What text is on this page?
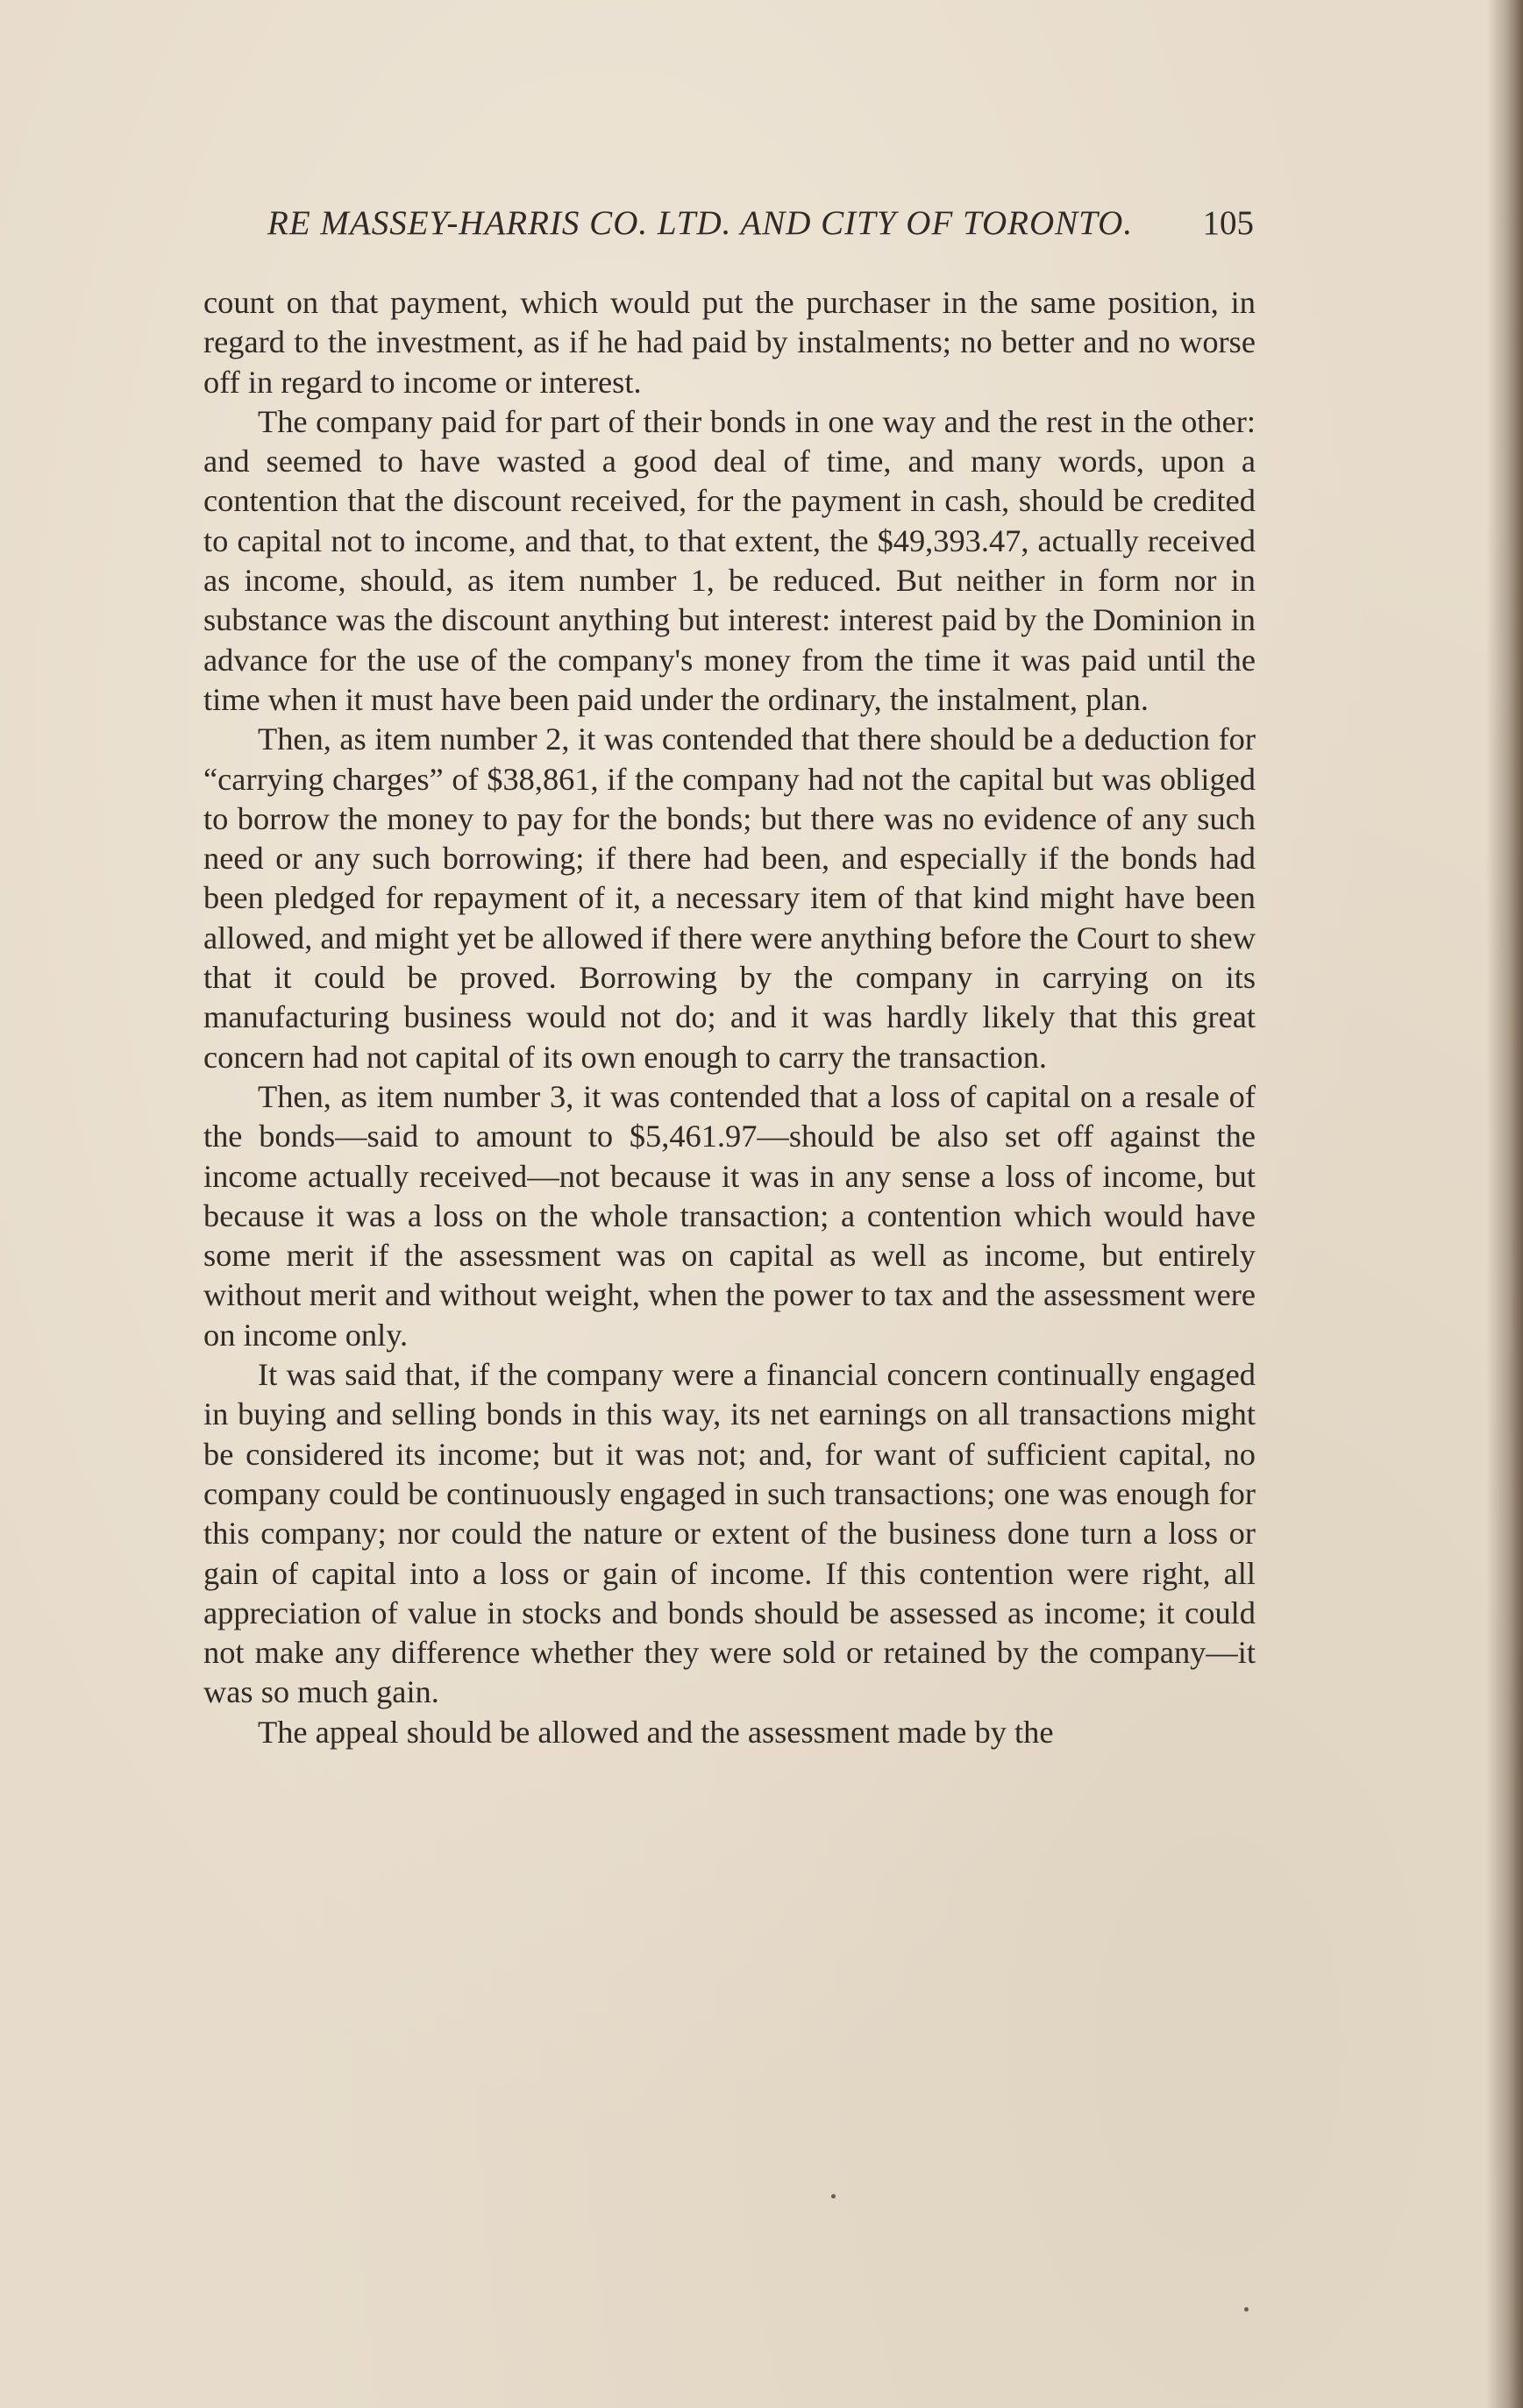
RE MASSEY-HARRIS CO. LTD. AND CITY OF TORONTO. 105

count on that payment, which would put the purchaser in the same position, in regard to the investment, as if he had paid by instalments; no better and no worse off in regard to income or interest.

The company paid for part of their bonds in one way and the rest in the other: and seemed to have wasted a good deal of time, and many words, upon a contention that the discount received, for the payment in cash, should be credited to capital not to income, and that, to that extent, the $49,393.47, actually received as income, should, as item number 1, be reduced. But neither in form nor in substance was the discount anything but interest: interest paid by the Dominion in advance for the use of the company's money from the time it was paid until the time when it must have been paid under the ordinary, the instalment, plan.

Then, as item number 2, it was contended that there should be a deduction for “carrying charges” of $38,861, if the company had not the capital but was obliged to borrow the money to pay for the bonds; but there was no evidence of any such need or any such borrowing; if there had been, and especially if the bonds had been pledged for repayment of it, a necessary item of that kind might have been allowed, and might yet be allowed if there were anything before the Court to shew that it could be proved. Borrowing by the company in carrying on its manufacturing business would not do; and it was hardly likely that this great concern had not capital of its own enough to carry the transaction.

Then, as item number 3, it was contended that a loss of capital on a resale of the bonds—said to amount to $5,461.97—should be also set off against the income actually received—not because it was in any sense a loss of income, but because it was a loss on the whole transaction; a contention which would have some merit if the assessment was on capital as well as income, but entirely without merit and without weight, when the power to tax and the assessment were on income only.

It was said that, if the company were a financial concern continually engaged in buying and selling bonds in this way, its net earnings on all transactions might be considered its income; but it was not; and, for want of sufficient capital, no company could be continuously engaged in such transactions; one was enough for this company; nor could the nature or extent of the business done turn a loss or gain of capital into a loss or gain of income. If this contention were right, all appreciation of value in stocks and bonds should be assessed as income; it could not make any difference whether they were sold or retained by the company—it was so much gain.

The appeal should be allowed and the assessment made by the
